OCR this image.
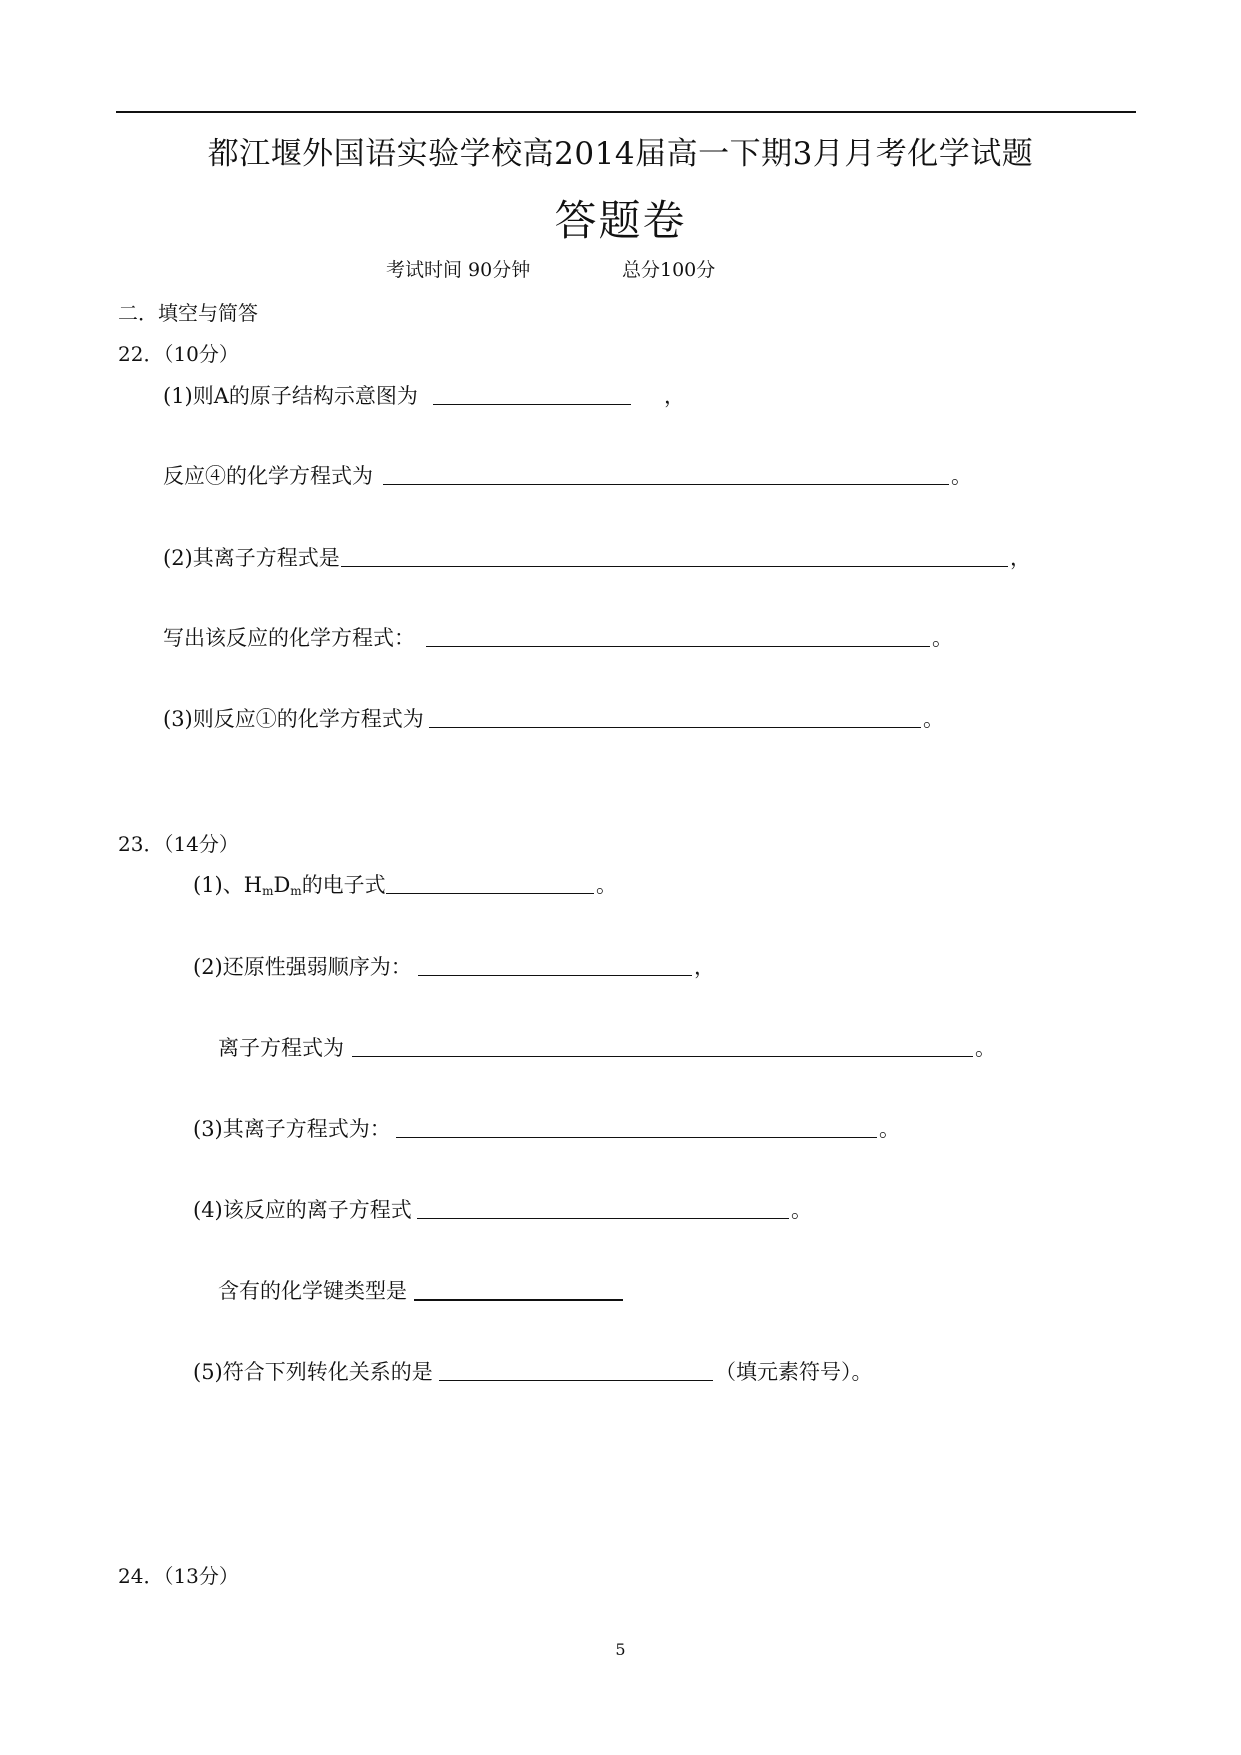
都江堰外国语实验学校高2014届高一下期3月月考化学试题
答题卷
考试时间 90分钟	总分100分
二．填空与简答
22．（10分）
(1)则A的原子结构示意图为	，
反应④的化学方程式为	。
(2)其离子方程式是	，
写出该反应的化学方程式：	。
(3)则反应①的化学方程式为	。
23．（14分）
(1)、$H_mD_m$的电子式	。
(2)还原性强弱顺序为：	，
离子方程式为	。
(3)其离子方程式为：	。
(4)该反应的离子方程式	。
含有的化学键类型是
(5)符合下列转化关系的是	（填元素符号）。
24．（13分）
5
